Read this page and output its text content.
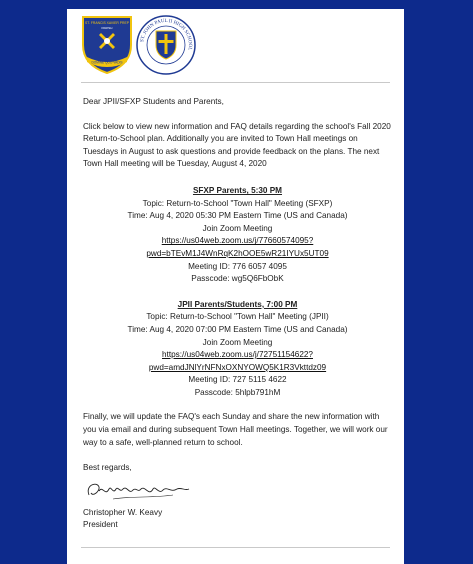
ST. FRANCIS XAVIER PREP
PARISH
DOMINE QUO VADIS
ST. JOHN PAUL II HIGH SCHOOL

Dear JPII/SFXP Students and Parents,

Click below to view new information and FAQ details regarding the school's Fall 2020 Return-to-School plan. Additionally you are invited to Town Hall meetings on Tuesdays in August to ask questions and provide feedback on the plans. The next Town Hall meeting will be Tuesday, August 4, 2020

SFXP Parents, 5:30 PM

Topic: Return-to-School "Town Hall" Meeting (SFXP)

Time: Aug 4, 2020 05:30 PM Eastern Time (US and Canada)

Join Zoom Meeting

https://us04web.zoom.us/j/77660574095?

pwd=bTEvM1J4WnRqK2hOOE5wR21IYUx5UT09

Meeting ID: 776 6057 4095

Passcode: wg5Q6FbObK

JPII Parents/Students, 7:00 PM

Topic: Return-to-School "Town Hall" Meeting (JPII)

Time: Aug 4, 2020 07:00 PM Eastern Time (US and Canada)

Join Zoom Meeting

https://us04web.zoom.us/j/72751154622?

pwd=amdJNlYrNFNxOXNYOWQ5K1R3Vkttdz09

Meeting ID: 727 5115 4622

Passcode: 5hlpb791hM

Finally, we will update the FAQ's each Sunday and share the new information with you via email and during subsequent Town Hall meetings. Together, we will work our way to a safe, well-planned return to school.

Best regards,

Christopher W. Keavy

President
